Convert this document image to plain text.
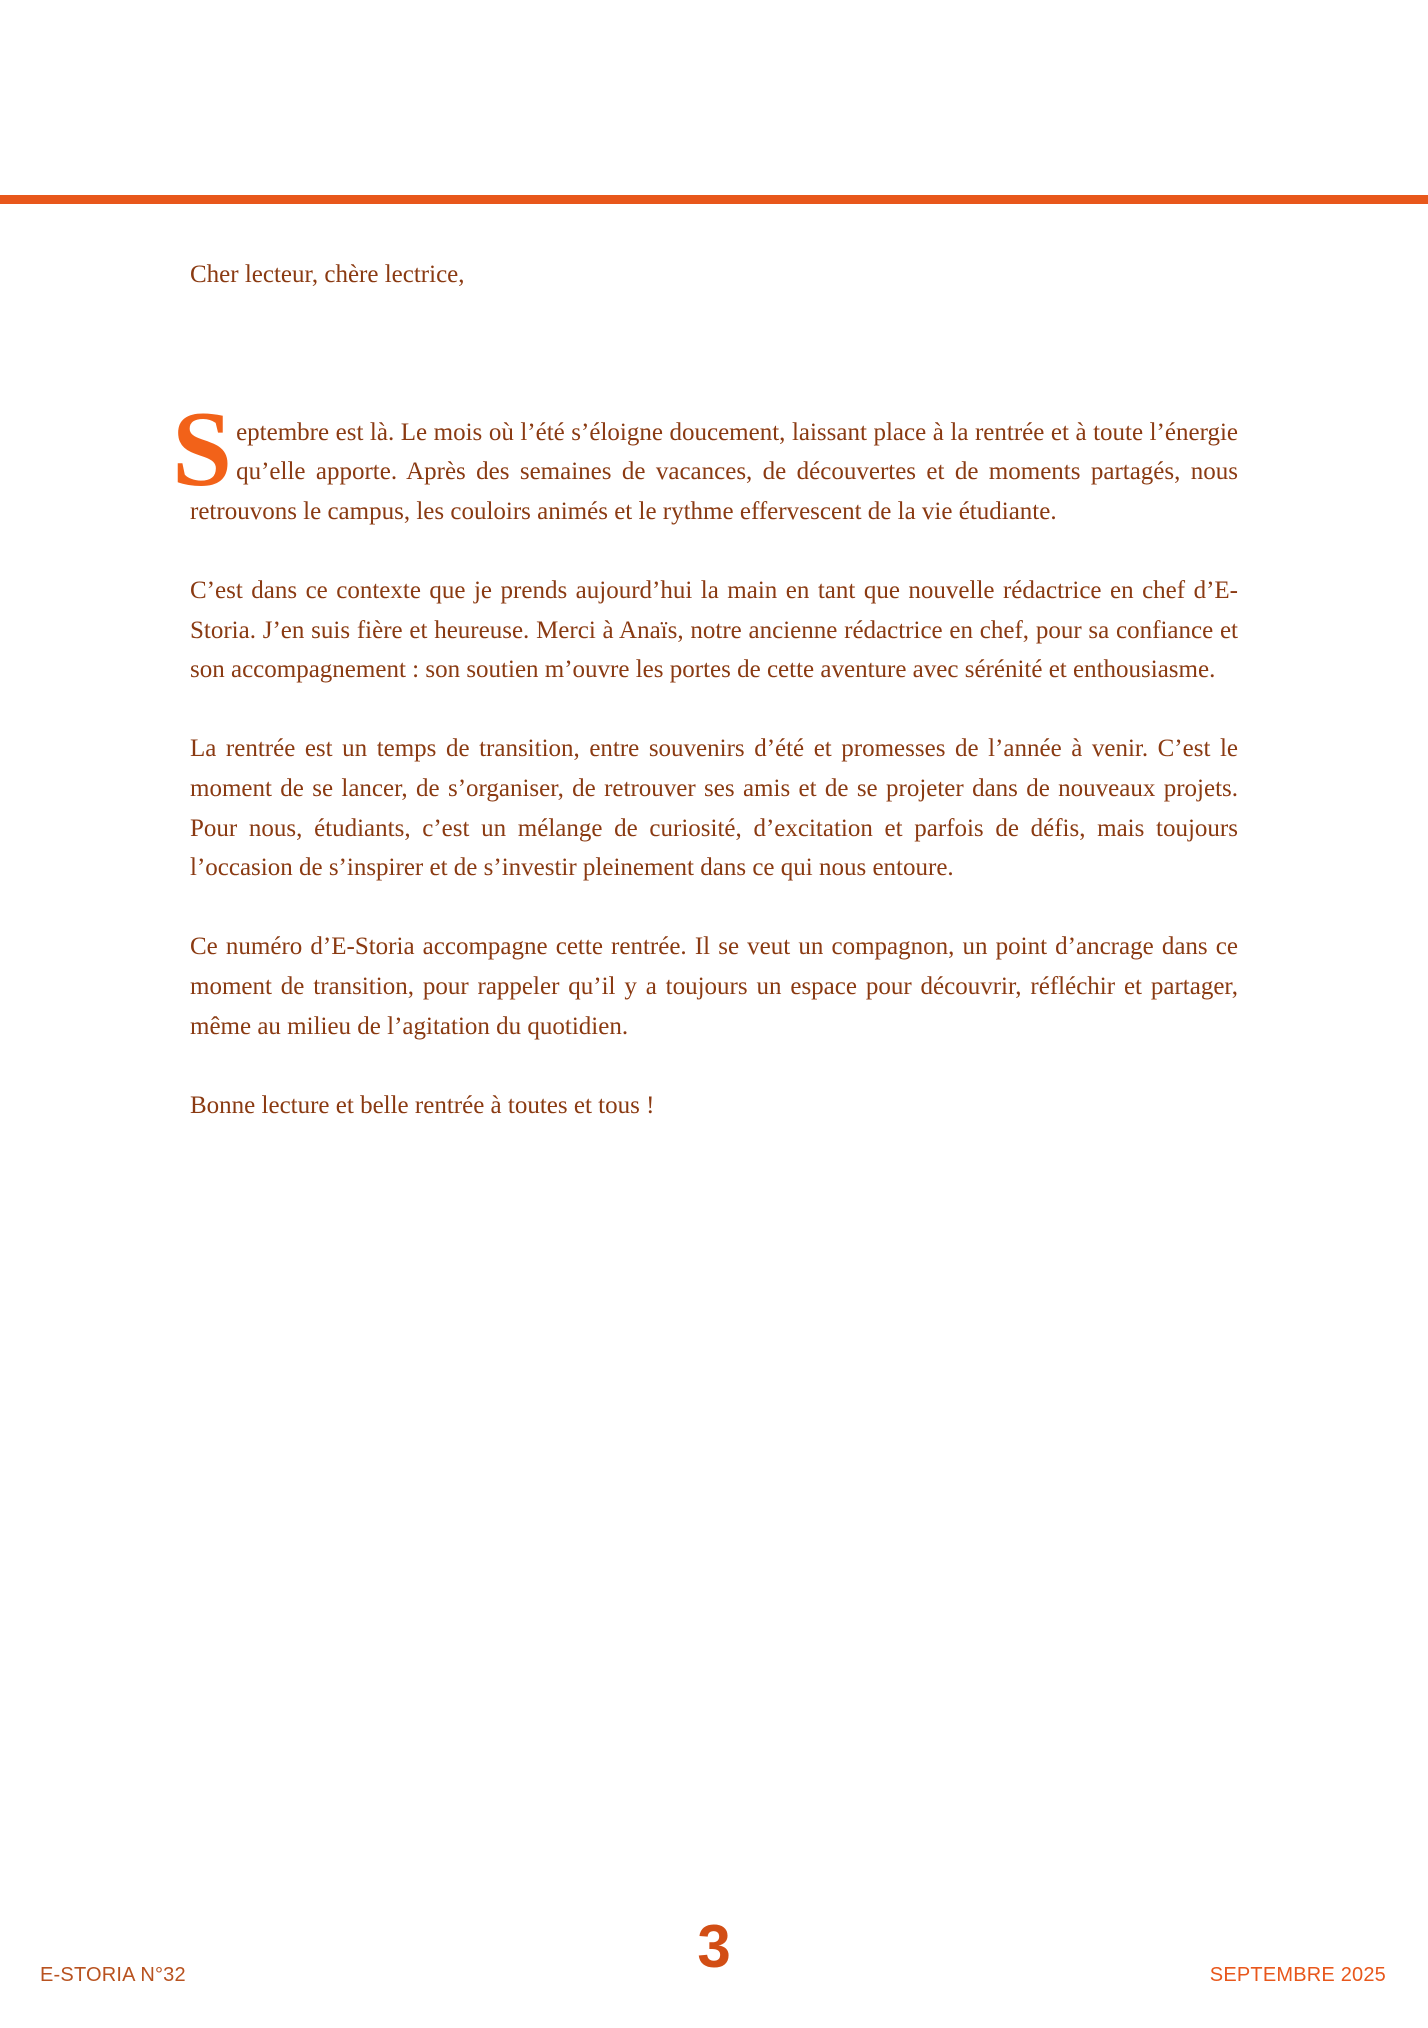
Cher lecteur, chère lectrice,

Septembre est là. Le mois où l’été s’éloigne doucement, laissant place à la rentrée et à toute l’énergie qu’elle apporte. Après des semaines de vacances, de découvertes et de moments partagés, nous retrouvons le campus, les couloirs animés et le rythme effervescent de la vie étudiante.

C’est dans ce contexte que je prends aujourd’hui la main en tant que nouvelle rédactrice en chef d’E-Storia. J’en suis fière et heureuse. Merci à Anaïs, notre ancienne rédactrice en chef, pour sa confiance et son accompagnement : son soutien m’ouvre les portes de cette aventure avec sérénité et enthousiasme.

La rentrée est un temps de transition, entre souvenirs d’été et promesses de l’année à venir. C’est le moment de se lancer, de s’organiser, de retrouver ses amis et de se projeter dans de nouveaux projets. Pour nous, étudiants, c’est un mélange de curiosité, d’excitation et parfois de défis, mais toujours l’occasion de s’inspirer et de s’investir pleinement dans ce qui nous entoure.

Ce numéro d’E-Storia accompagne cette rentrée. Il se veut un compagnon, un point d’ancrage dans ce moment de transition, pour rappeler qu’il y a toujours un espace pour découvrir, réfléchir et partager, même au milieu de l’agitation du quotidien.

Bonne lecture et belle rentrée à toutes et tous !

E-STORIA N°32	3	SEPTEMBRE 2025
